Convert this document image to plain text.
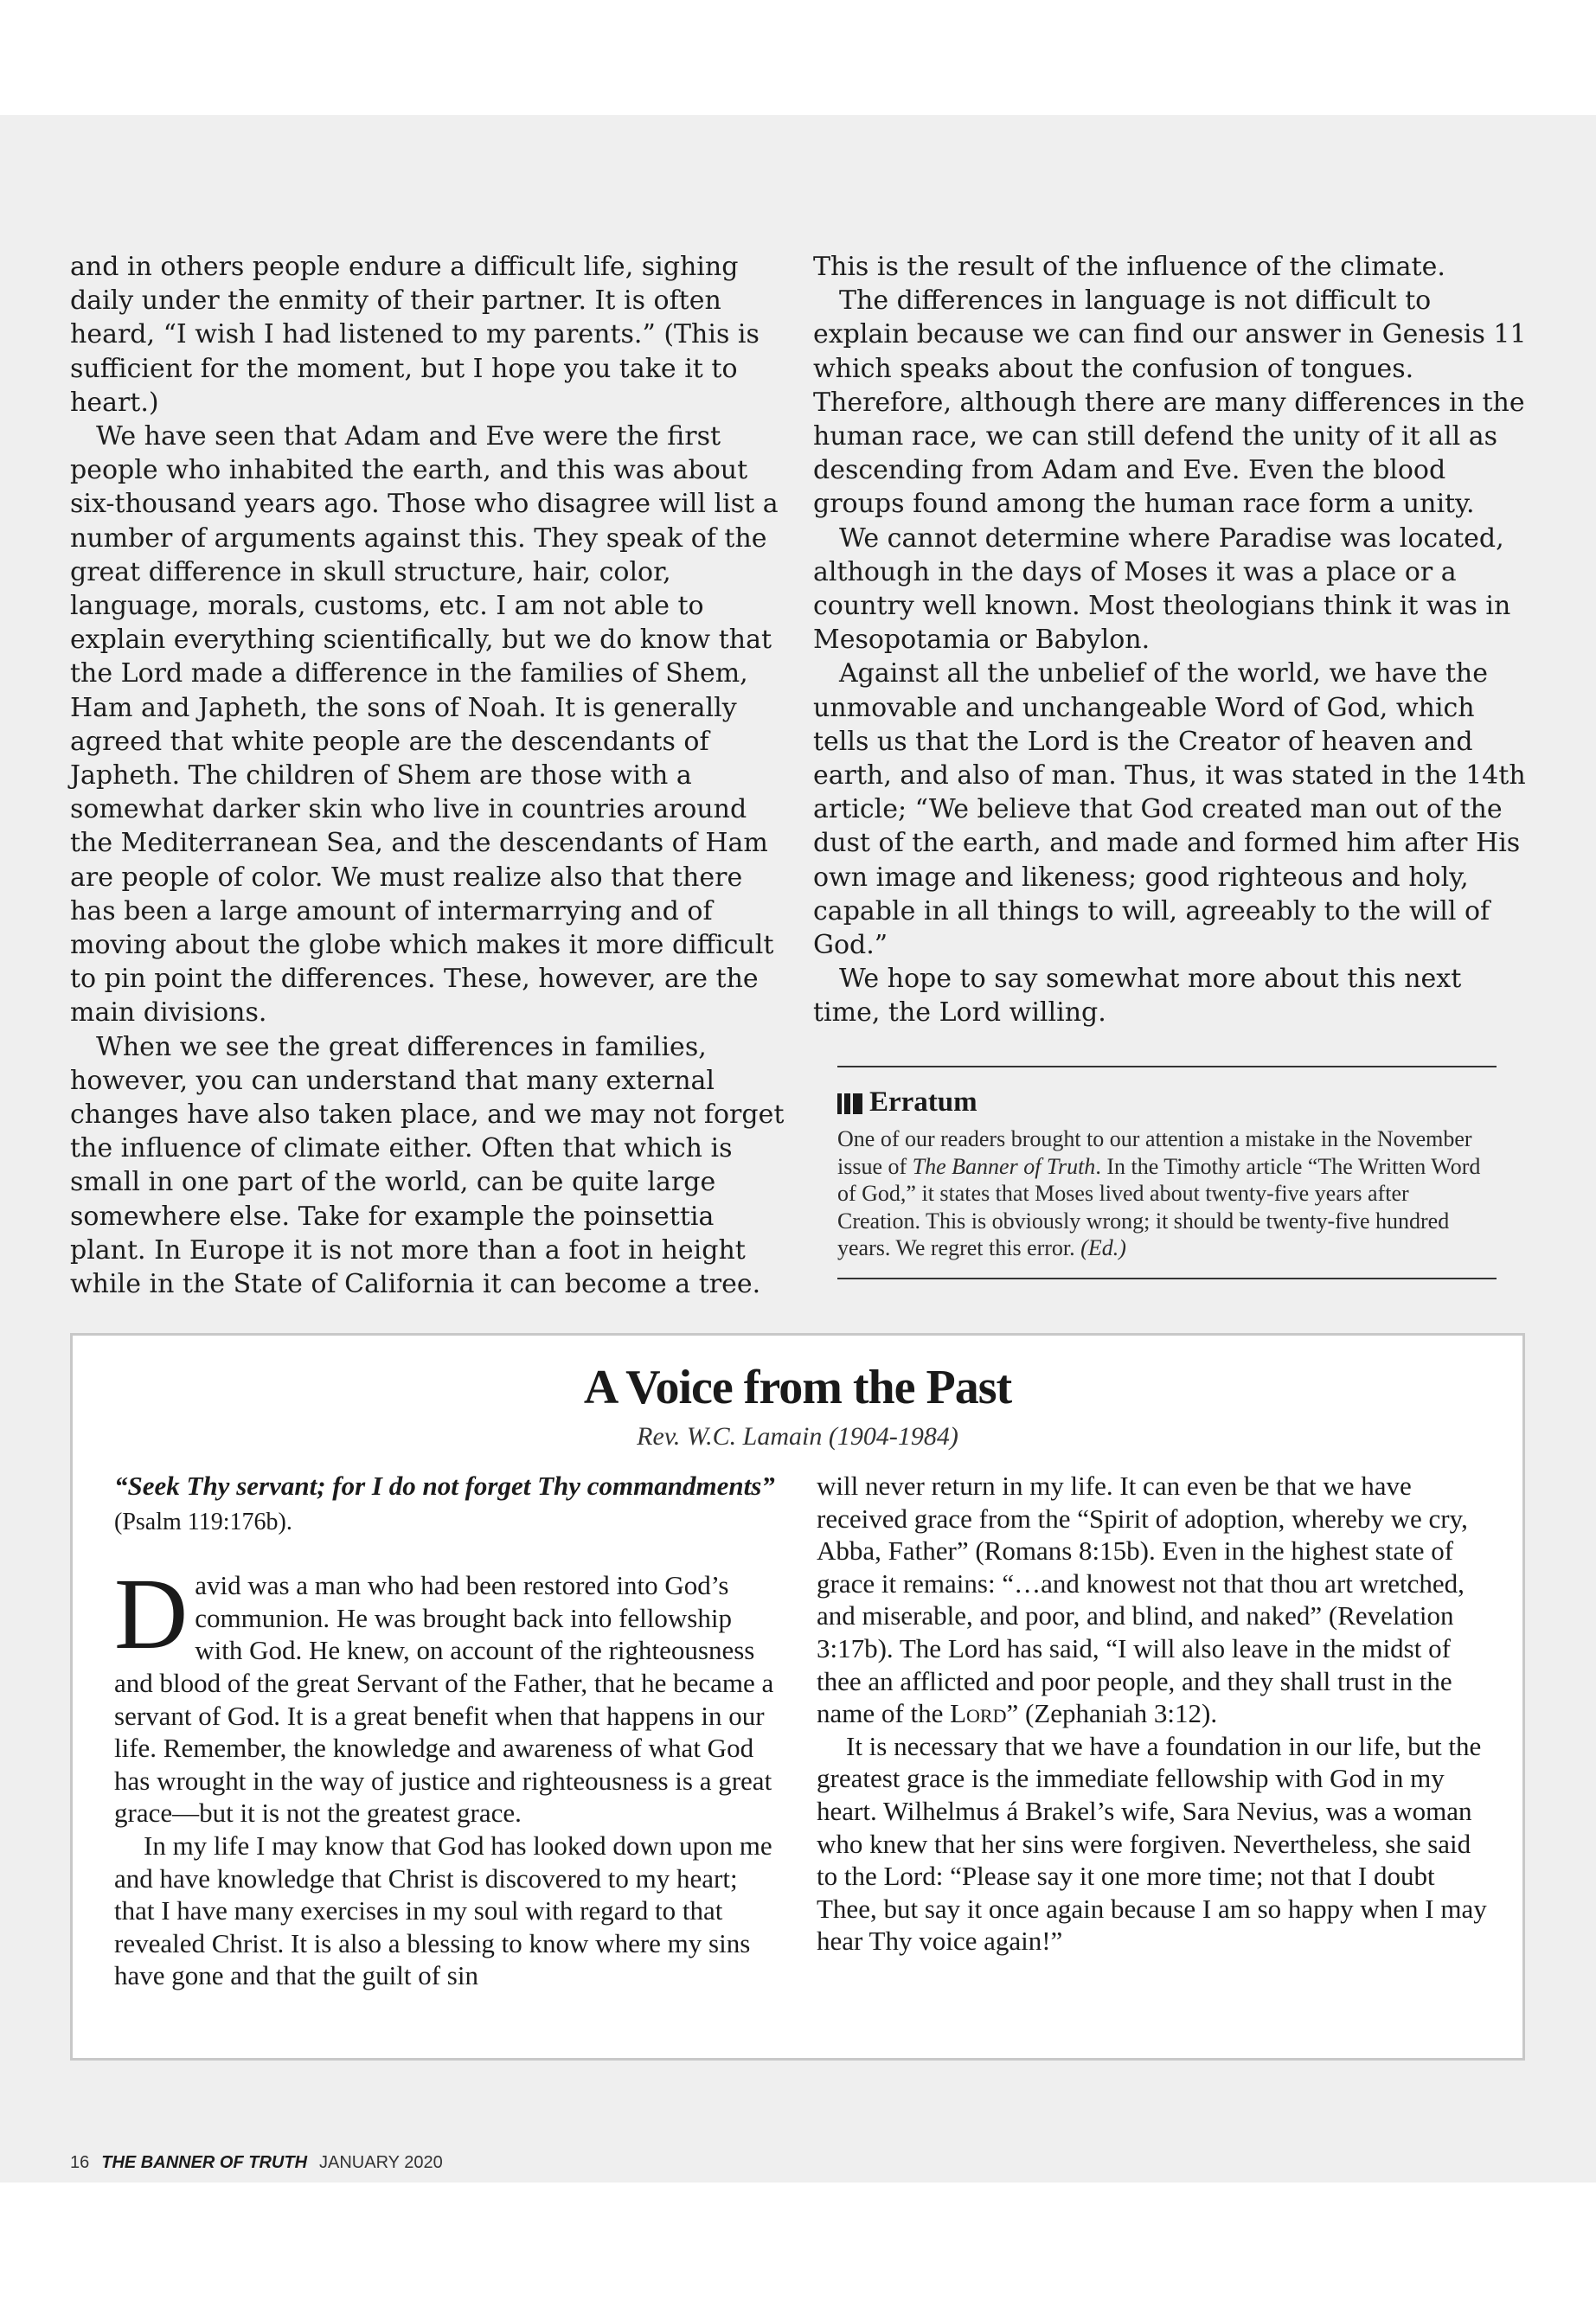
and in others people endure a difficult life, sighing daily under the enmity of their partner. It is often heard, “I wish I had listened to my parents.” (This is sufficient for the moment, but I hope you take it to heart.)

We have seen that Adam and Eve were the first people who inhabited the earth, and this was about six-thousand years ago. Those who disagree will list a number of arguments against this. They speak of the great difference in skull structure, hair, color, language, morals, customs, etc. I am not able to explain everything scientifically, but we do know that the Lord made a difference in the families of Shem, Ham and Japheth, the sons of Noah. It is generally agreed that white people are the descendants of Japheth. The children of Shem are those with a somewhat darker skin who live in countries around the Mediterranean Sea, and the descendants of Ham are people of color. We must realize also that there has been a large amount of intermarrying and of moving about the globe which makes it more difficult to pin point the differences. These, however, are the main divisions.

When we see the great differences in families, however, you can understand that many external changes have also taken place, and we may not forget the influence of climate either. Often that which is small in one part of the world, can be quite large somewhere else. Take for example the poinsettia plant. In Europe it is not more than a foot in height while in the State of California it can become a tree.

This is the result of the influence of the climate.

The differences in language is not difficult to explain because we can find our answer in Genesis 11 which speaks about the confusion of tongues. Therefore, although there are many differences in the human race, we can still defend the unity of it all as descending from Adam and Eve. Even the blood groups found among the human race form a unity.

We cannot determine where Paradise was located, although in the days of Moses it was a place or a country well known. Most theologians think it was in Mesopotamia or Babylon.

Against all the unbelief of the world, we have the unmovable and unchangeable Word of God, which tells us that the Lord is the Creator of heaven and earth, and also of man. Thus, it was stated in the 14th article; “We believe that God created man out of the dust of the earth, and made and formed him after His own image and likeness; good righteous and holy, capable in all things to will, agreeably to the will of God.”

We hope to say somewhat more about this next time, the Lord willing.

Erratum
One of our readers brought to our attention a mistake in the November issue of The Banner of Truth. In the Timothy article “The Written Word of God,” it states that Moses lived about twenty-five years after Creation. This is obviously wrong; it should be twenty-five hundred years. We regret this error. (Ed.)
A Voice from the Past
Rev. W.C. Lamain (1904-1984)

“Seek Thy servant; for I do not forget Thy commandments” (Psalm 119:176b).

David was a man who had been restored into God’s communion. He was brought back into fellowship with God. He knew, on account of the righteousness and blood of the great Servant of the Father, that he became a servant of God. It is a great benefit when that happens in our life. Remember, the knowledge and awareness of what God has wrought in the way of justice and righteousness is a great grace—but it is not the greatest grace.

In my life I may know that God has looked down upon me and have knowledge that Christ is discovered to my heart; that I have many exercises in my soul with regard to that revealed Christ. It is also a blessing to know where my sins have gone and that the guilt of sin

will never return in my life. It can even be that we have received grace from the “Spirit of adoption, whereby we cry, Abba, Father” (Romans 8:15b). Even in the highest state of grace it remains: “…and knowest not that thou art wretched, and miserable, and poor, and blind, and naked” (Revelation 3:17b). The Lord has said, “I will also leave in the midst of thee an afflicted and poor people, and they shall trust in the name of the Lord” (Zephaniah 3:12).

It is necessary that we have a foundation in our life, but the greatest grace is the immediate fellowship with God in my heart. Wilhelmus á Brakel’s wife, Sara Nevius, was a woman who knew that her sins were forgiven. Nevertheless, she said to the Lord: “Please say it one more time; not that I doubt Thee, but say it once again because I am so happy when I may hear Thy voice again!”

16 THE BANNER OF TRUTH JANUARY 2020
